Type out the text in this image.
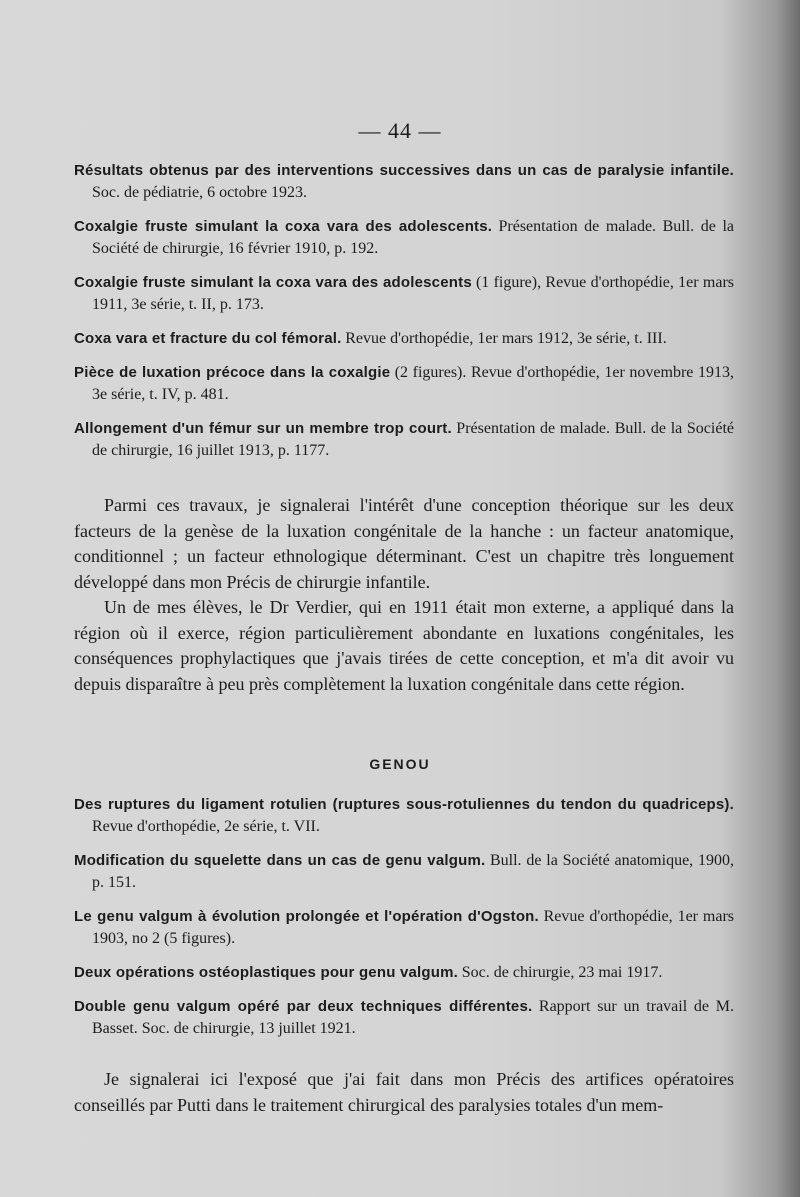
— 44 —
Résultats obtenus par des interventions successives dans un cas de paralysie infantile. Soc. de pédiatrie, 6 octobre 1923.
Coxalgie fruste simulant la coxa vara des adolescents. Présentation de malade. Bull. de la Société de chirurgie, 16 février 1910, p. 192.
Coxalgie fruste simulant la coxa vara des adolescents (1 figure), Revue d'orthopédie, 1er mars 1911, 3e série, t. II, p. 173.
Coxa vara et fracture du col fémoral. Revue d'orthopédie, 1er mars 1912, 3e série, t. III.
Pièce de luxation précoce dans la coxalgie (2 figures). Revue d'orthopédie, 1er novembre 1913, 3e série, t. IV, p. 481.
Allongement d'un fémur sur un membre trop court. Présentation de malade. Bull. de la Société de chirurgie, 16 juillet 1913, p. 1177.

Parmi ces travaux, je signalerai l'intérêt d'une conception théorique sur les deux facteurs de la genèse de la luxation congénitale de la hanche : un facteur anatomique, conditionnel ; un facteur ethnologique déterminant. C'est un chapitre très longuement développé dans mon Précis de chirurgie infantile.

Un de mes élèves, le Dr Verdier, qui en 1911 était mon externe, a appliqué dans la région où il exerce, région particulièrement abondante en luxations congénitales, les conséquences prophylactiques que j'avais tirées de cette conception, et m'a dit avoir vu depuis disparaître à peu près complètement la luxation congénitale dans cette région.

GENOU
Des ruptures du ligament rotulien (ruptures sous-rotuliennes du tendon du quadriceps). Revue d'orthopédie, 2e série, t. VII.
Modification du squelette dans un cas de genu valgum. Bull. de la Société anatomique, 1900, p. 151.
Le genu valgum à évolution prolongée et l'opération d'Ogston. Revue d'orthopédie, 1er mars 1903, no 2 (5 figures).
Deux opérations ostéoplastiques pour genu valgum. Soc. de chirurgie, 23 mai 1917.
Double genu valgum opéré par deux techniques différentes. Rapport sur un travail de M. Basset. Soc. de chirurgie, 13 juillet 1921.

Je signalerai ici l'exposé que j'ai fait dans mon Précis des artifices opératoires conseillés par Putti dans le traitement chirurgical des paralysies totales d'un mem-
